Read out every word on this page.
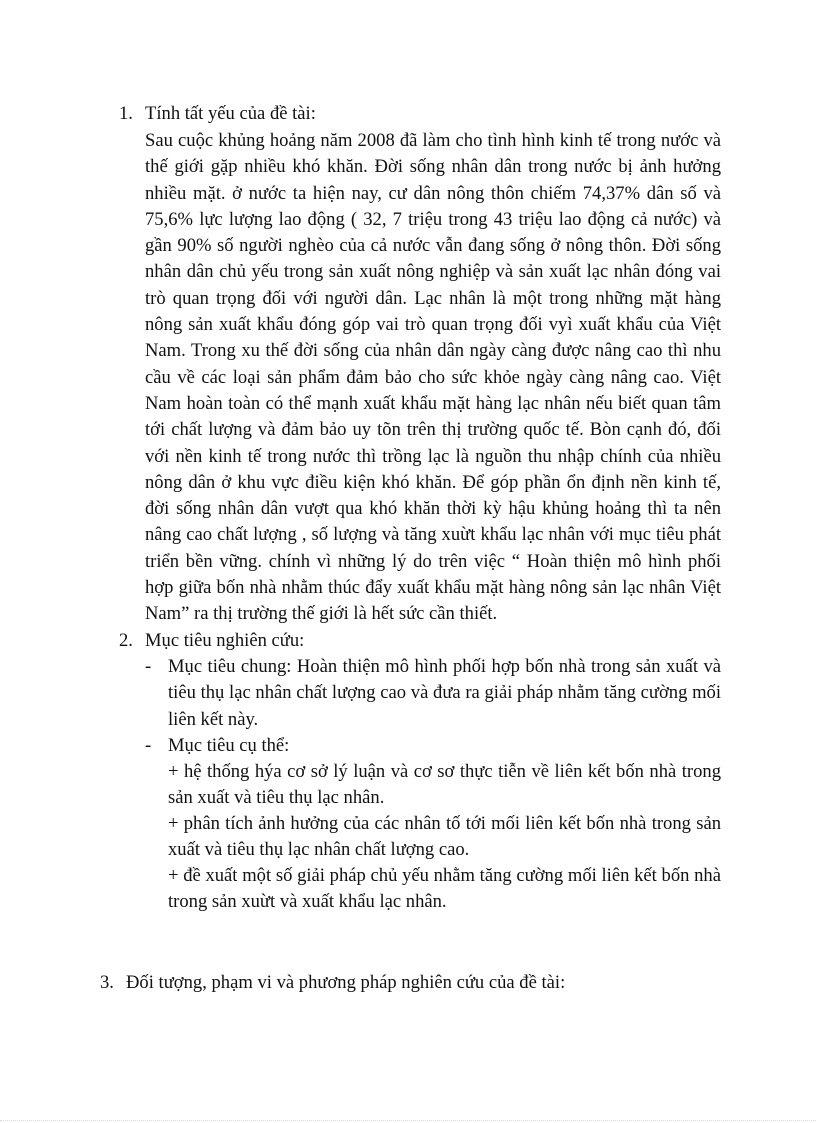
1. Tính tất yếu của đề tài:
Sau cuộc khủng hoảng năm 2008 đã làm cho tình hình kinh tế trong nước và thế giới gặp nhiều khó khăn. Đời sống nhân dân trong nước bị ảnh hưởng nhiều mặt. ở nước ta hiện nay, cư dân nông thôn chiếm 74,37% dân số và 75,6% lực lượng lao động ( 32, 7 triệu trong 43 triệu lao động cả nước) và gần 90% số người nghèo của cả nước vẫn đang sống ở nông thôn. Đời sống nhân dân chủ yếu trong sản xuất nông nghiệp và sản xuất lạc nhân đóng vai trò quan trọng đối với người dân. Lạc nhân là một trong những mặt hàng nông sản xuất khẩu đóng góp vai trò quan trọng đối vyì xuất khẩu của Việt Nam. Trong xu thế đời sống của nhân dân ngày càng được nâng cao thì nhu cầu về các loại sản phẩm đảm bảo cho sức khỏe ngày càng nâng cao. Việt Nam hoàn toàn có thể mạnh xuất khẩu mặt hàng lạc nhân nếu biết quan tâm tới chất lượng và đảm bảo uy tõn trên thị trường quốc tế. Bòn cạnh đó, đối với nền kinh tế trong nước thì trồng lạc là nguồn thu nhập chính của nhiều nông dân ở khu vực điều kiện khó khăn. Để góp phần ổn định nền kinh tế, đời sống nhân dân vượt qua khó khăn thời kỳ hậu khủng hoảng thì ta nên nâng cao chất lượng , số lượng và tăng xuừt khẩu lạc nhân với mục tiêu phát triển bền vững. chính vì những lý do trên việc “ Hoàn thiện mô hình phối hợp giữa bốn nhà nhằm thúc đẩy xuất khẩu mặt hàng nông sản lạc nhân Việt Nam” ra thị trường thế giới là hết sức cần thiết.
2. Mục tiêu nghiên cứu:
- Mục tiêu chung: Hoàn thiện mô hình phối hợp bốn nhà trong sản xuất và tiêu thụ lạc nhân chất lượng cao và đưa ra giải pháp nhằm tăng cường mối liên kết này.
- Mục tiêu cụ thể:
+ hệ thống hýa cơ sở lý luận và cơ sơ thực tiễn về liên kết bốn nhà trong sản xuất và tiêu thụ lạc nhân.
+ phân tích ảnh hưởng của các nhân tố tới mối liên kết bốn nhà trong sản xuất và tiêu thụ lạc nhân chất lượng cao.
+ đề xuất một số giải pháp chủ yếu nhằm tăng cường mối liên kết bốn nhà trong sản xuừt và xuất khẩu lạc nhân.
3. Đối tượng, phạm vi và phương pháp nghiên cứu của đề tài:
